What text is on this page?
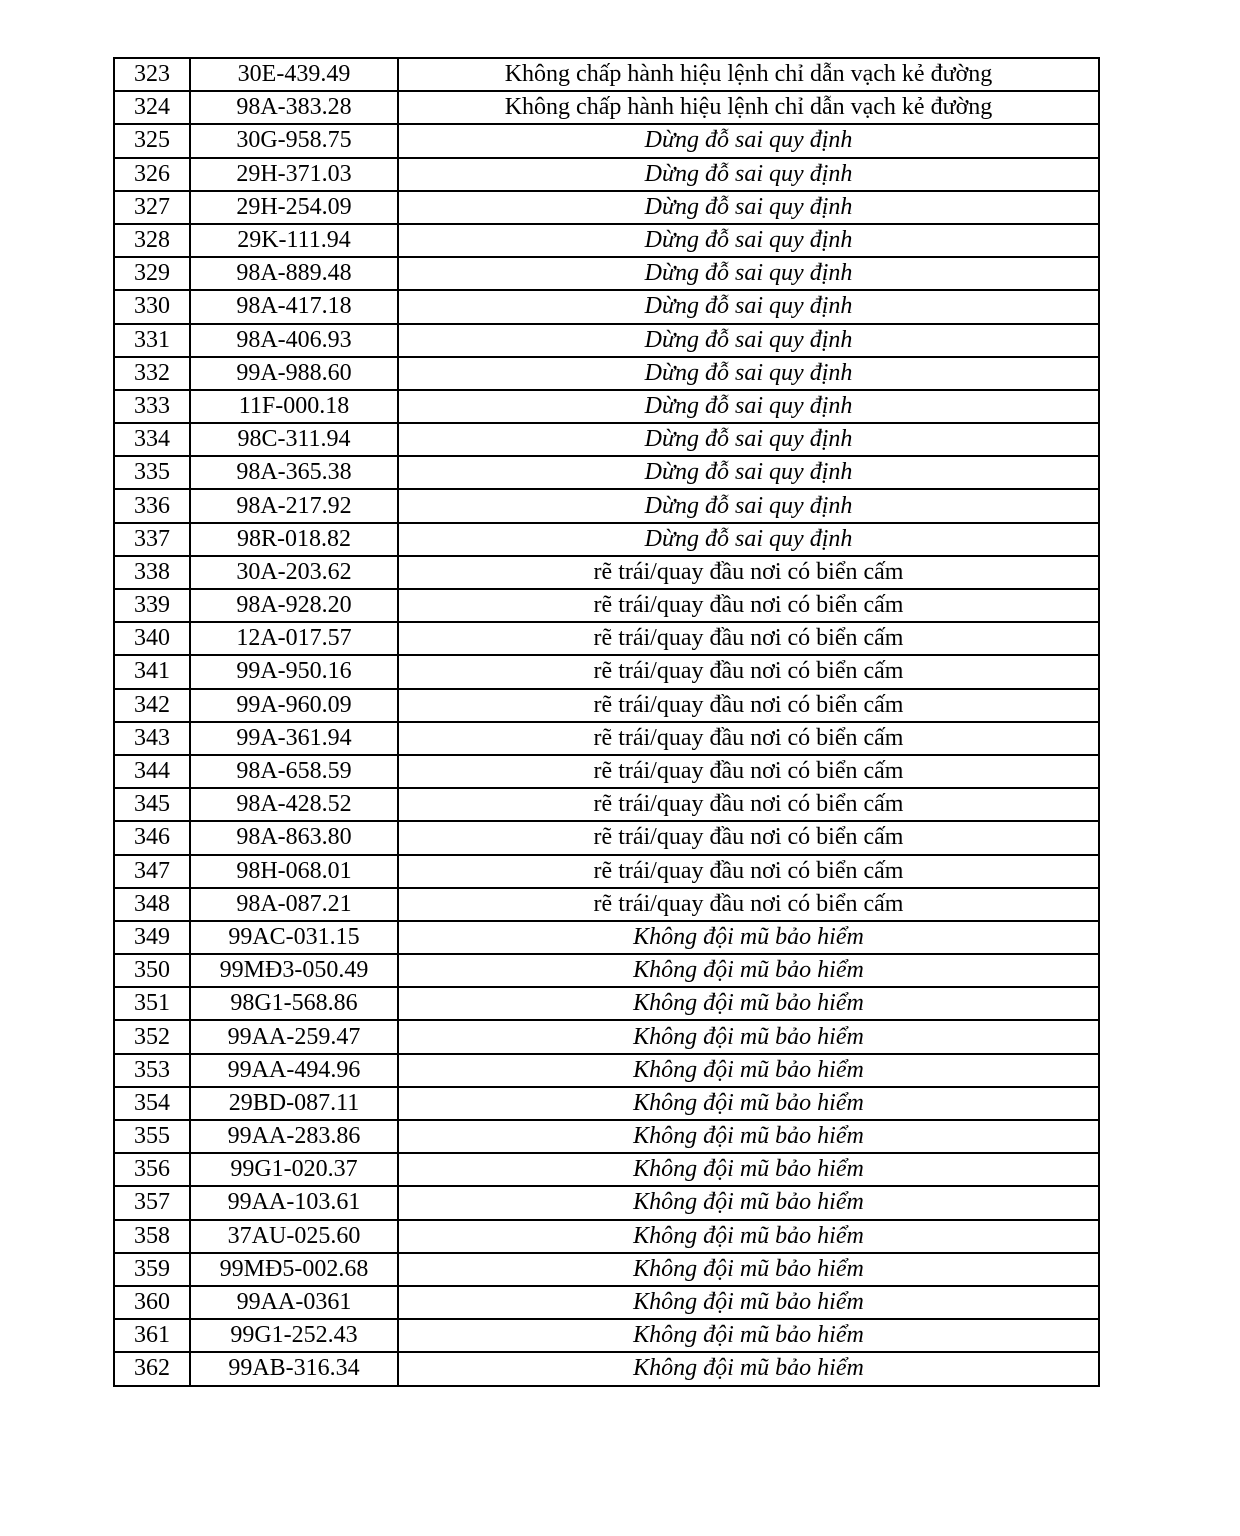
323	30E-439.49	Không chấp hành hiệu lệnh chỉ dẫn vạch kẻ đường
324	98A-383.28	Không chấp hành hiệu lệnh chỉ dẫn vạch kẻ đường
325	30G-958.75	Dừng đỗ sai quy định
326	29H-371.03	Dừng đỗ sai quy định
327	29H-254.09	Dừng đỗ sai quy định
328	29K-111.94	Dừng đỗ sai quy định
329	98A-889.48	Dừng đỗ sai quy định
330	98A-417.18	Dừng đỗ sai quy định
331	98A-406.93	Dừng đỗ sai quy định
332	99A-988.60	Dừng đỗ sai quy định
333	11F-000.18	Dừng đỗ sai quy định
334	98C-311.94	Dừng đỗ sai quy định
335	98A-365.38	Dừng đỗ sai quy định
336	98A-217.92	Dừng đỗ sai quy định
337	98R-018.82	Dừng đỗ sai quy định
338	30A-203.62	rẽ trái/quay đầu nơi có biển cấm
339	98A-928.20	rẽ trái/quay đầu nơi có biển cấm
340	12A-017.57	rẽ trái/quay đầu nơi có biển cấm
341	99A-950.16	rẽ trái/quay đầu nơi có biển cấm
342	99A-960.09	rẽ trái/quay đầu nơi có biển cấm
343	99A-361.94	rẽ trái/quay đầu nơi có biển cấm
344	98A-658.59	rẽ trái/quay đầu nơi có biển cấm
345	98A-428.52	rẽ trái/quay đầu nơi có biển cấm
346	98A-863.80	rẽ trái/quay đầu nơi có biển cấm
347	98H-068.01	rẽ trái/quay đầu nơi có biển cấm
348	98A-087.21	rẽ trái/quay đầu nơi có biển cấm
349	99AC-031.15	Không đội mũ bảo hiểm
350	99MĐ3-050.49	Không đội mũ bảo hiểm
351	98G1-568.86	Không đội mũ bảo hiểm
352	99AA-259.47	Không đội mũ bảo hiểm
353	99AA-494.96	Không đội mũ bảo hiểm
354	29BD-087.11	Không đội mũ bảo hiểm
355	99AA-283.86	Không đội mũ bảo hiểm
356	99G1-020.37	Không đội mũ bảo hiểm
357	99AA-103.61	Không đội mũ bảo hiểm
358	37AU-025.60	Không đội mũ bảo hiểm
359	99MĐ5-002.68	Không đội mũ bảo hiểm
360	99AA-0361	Không đội mũ bảo hiểm
361	99G1-252.43	Không đội mũ bảo hiểm
362	99AB-316.34	Không đội mũ bảo hiểm
